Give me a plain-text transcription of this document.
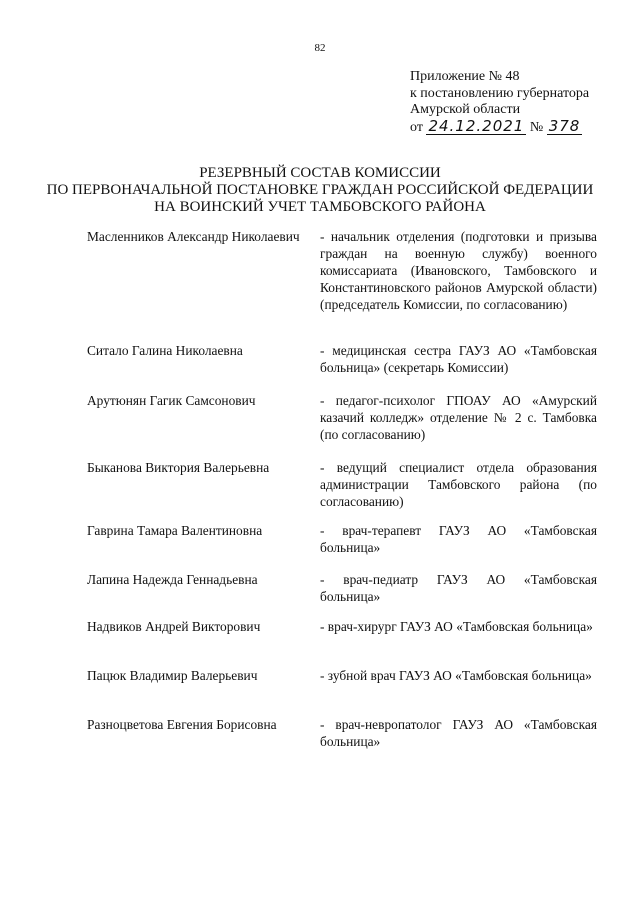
82
Приложение № 48
к постановлению губернатора
Амурской области
от 24.12.2021 № 378
РЕЗЕРВНЫЙ СОСТАВ КОМИССИИ
ПО ПЕРВОНАЧАЛЬНОЙ ПОСТАНОВКЕ ГРАЖДАН РОССИЙСКОЙ ФЕДЕРАЦИИ
НА ВОИНСКИЙ УЧЕТ ТАМБОВСКОГО РАЙОНА
Масленников Александр Николаевич - начальник отделения (подготовки и призыва граждан на военную службу) военного комиссариата (Ивановского, Тамбовского и Константиновского районов Амурской области) (председатель Комиссии, по согласованию)
Ситало Галина Николаевна	- медицинская сестра ГАУЗ АО «Тамбовская больница» (секретарь Комиссии)
Арутюнян Гагик Самсонович	- педагог-психолог ГПОАУ АО «Амурский казачий колледж» отделение № 2 с. Тамбовка (по согласованию)
Быканова Виктория Валерьевна	- ведущий специалист отдела образования администрации Тамбовского района (по согласованию)
Гаврина Тамара Валентиновна	- врач-терапевт ГАУЗ АО «Тамбовская больница»
Лапина Надежда Геннадьевна	- врач-педиатр ГАУЗ АО «Тамбовская больница»
Надвиков Андрей Викторович	- врач-хирург ГАУЗ АО «Тамбовская больница»
Пацюк Владимир Валерьевич	- зубной врач ГАУЗ АО «Тамбовская больница»
Разноцветова Евгения Борисовна	- врач-невропатолог ГАУЗ АО «Тамбовская больница»
